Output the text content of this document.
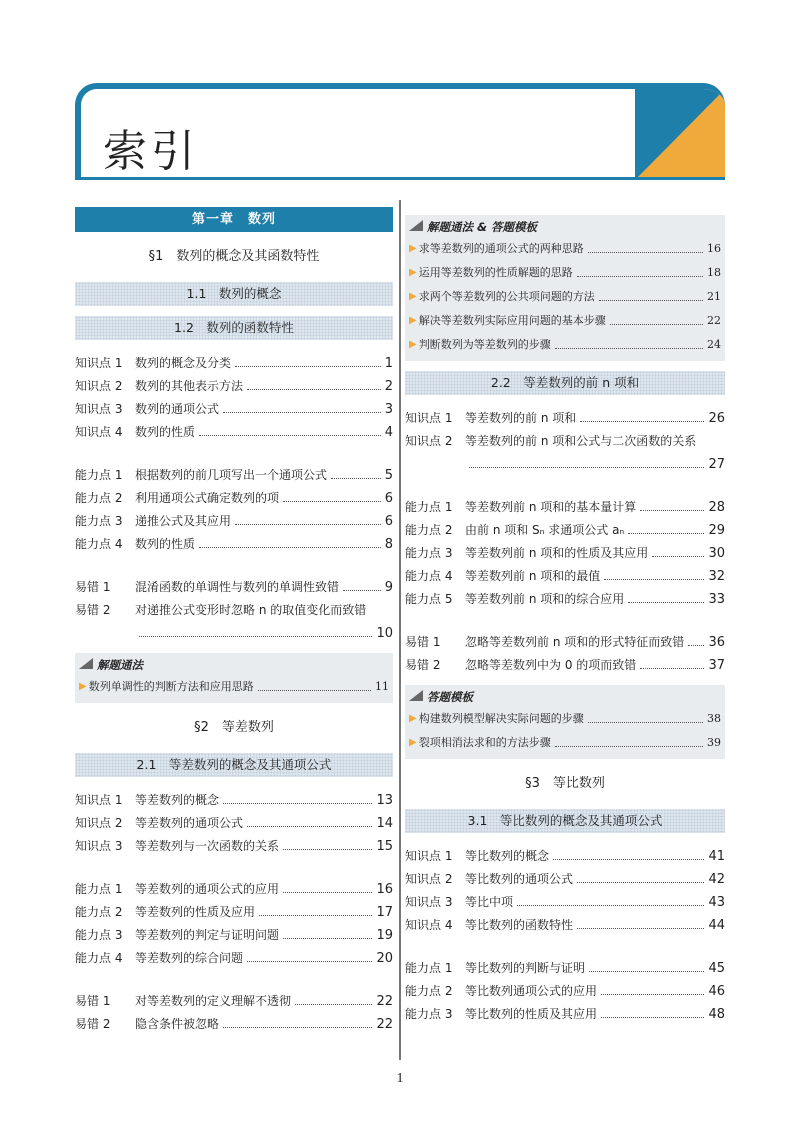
索引
第一章　数列
§1　数列的概念及其函数特性
1.1　数列的概念
1.2　数列的函数特性
知识点 1	数列的概念及分类	1
知识点 2	数列的其他表示方法	2
知识点 3	数列的通项公式	3
知识点 4	数列的性质	4
能力点 1	根据数列的前几项写出一个通项公式	5
能力点 2	利用通项公式确定数列的项	6
能力点 3	递推公式及其应用	6
能力点 4	数列的性质	8
易错 1	混淆函数的单调性与数列的单调性致错	9
易错 2	对递推公式变形时忽略 n 的取值变化而致错
10
解题通法
▶ 数列单调性的判断方法和应用思路	11
§2　等差数列
2.1　等差数列的概念及其通项公式
知识点 1	等差数列的概念	13
知识点 2	等差数列的通项公式	14
知识点 3	等差数列与一次函数的关系	15
能力点 1	等差数列的通项公式的应用	16
能力点 2	等差数列的性质及应用	17
能力点 3	等差数列的判定与证明问题	19
能力点 4	等差数列的综合问题	20
易错 1	对等差数列的定义理解不透彻	22
易错 2	隐含条件被忽略	22
解题通法 & 答题模板
▶ 求等差数列的通项公式的两种思路	16
▶ 运用等差数列的性质解题的思路	18
▶ 求两个等差数列的公共项问题的方法	21
▶ 解决等差数列实际应用问题的基本步骤	22
▶ 判断数列为等差数列的步骤	24
2.2　等差数列的前 n 项和
知识点 1	等差数列的前 n 项和	26
知识点 2	等差数列的前 n 项和公式与二次函数的关系
27
能力点 1	等差数列前 n 项和的基本量计算	28
能力点 2	由前 n 项和 Sₙ 求通项公式 aₙ	29
能力点 3	等差数列前 n 项和的性质及其应用	30
能力点 4	等差数列前 n 项和的最值	32
能力点 5	等差数列前 n 项和的综合应用	33
易错 1	忽略等差数列前 n 项和的形式特征而致错 36
易错 2	忽略等差数列中为 0 的项而致错	37
答题模板
▶ 构建数列模型解决实际问题的步骤	38
▶ 裂项相消法求和的方法步骤	39
§3　等比数列
3.1　等比数列的概念及其通项公式
知识点 1	等比数列的概念	41
知识点 2	等比数列的通项公式	42
知识点 3	等比中项	43
知识点 4	等比数列的函数特性	44
能力点 1	等比数列的判断与证明	45
能力点 2	等比数列通项公式的应用	46
能力点 3	等比数列的性质及其应用	48
1
